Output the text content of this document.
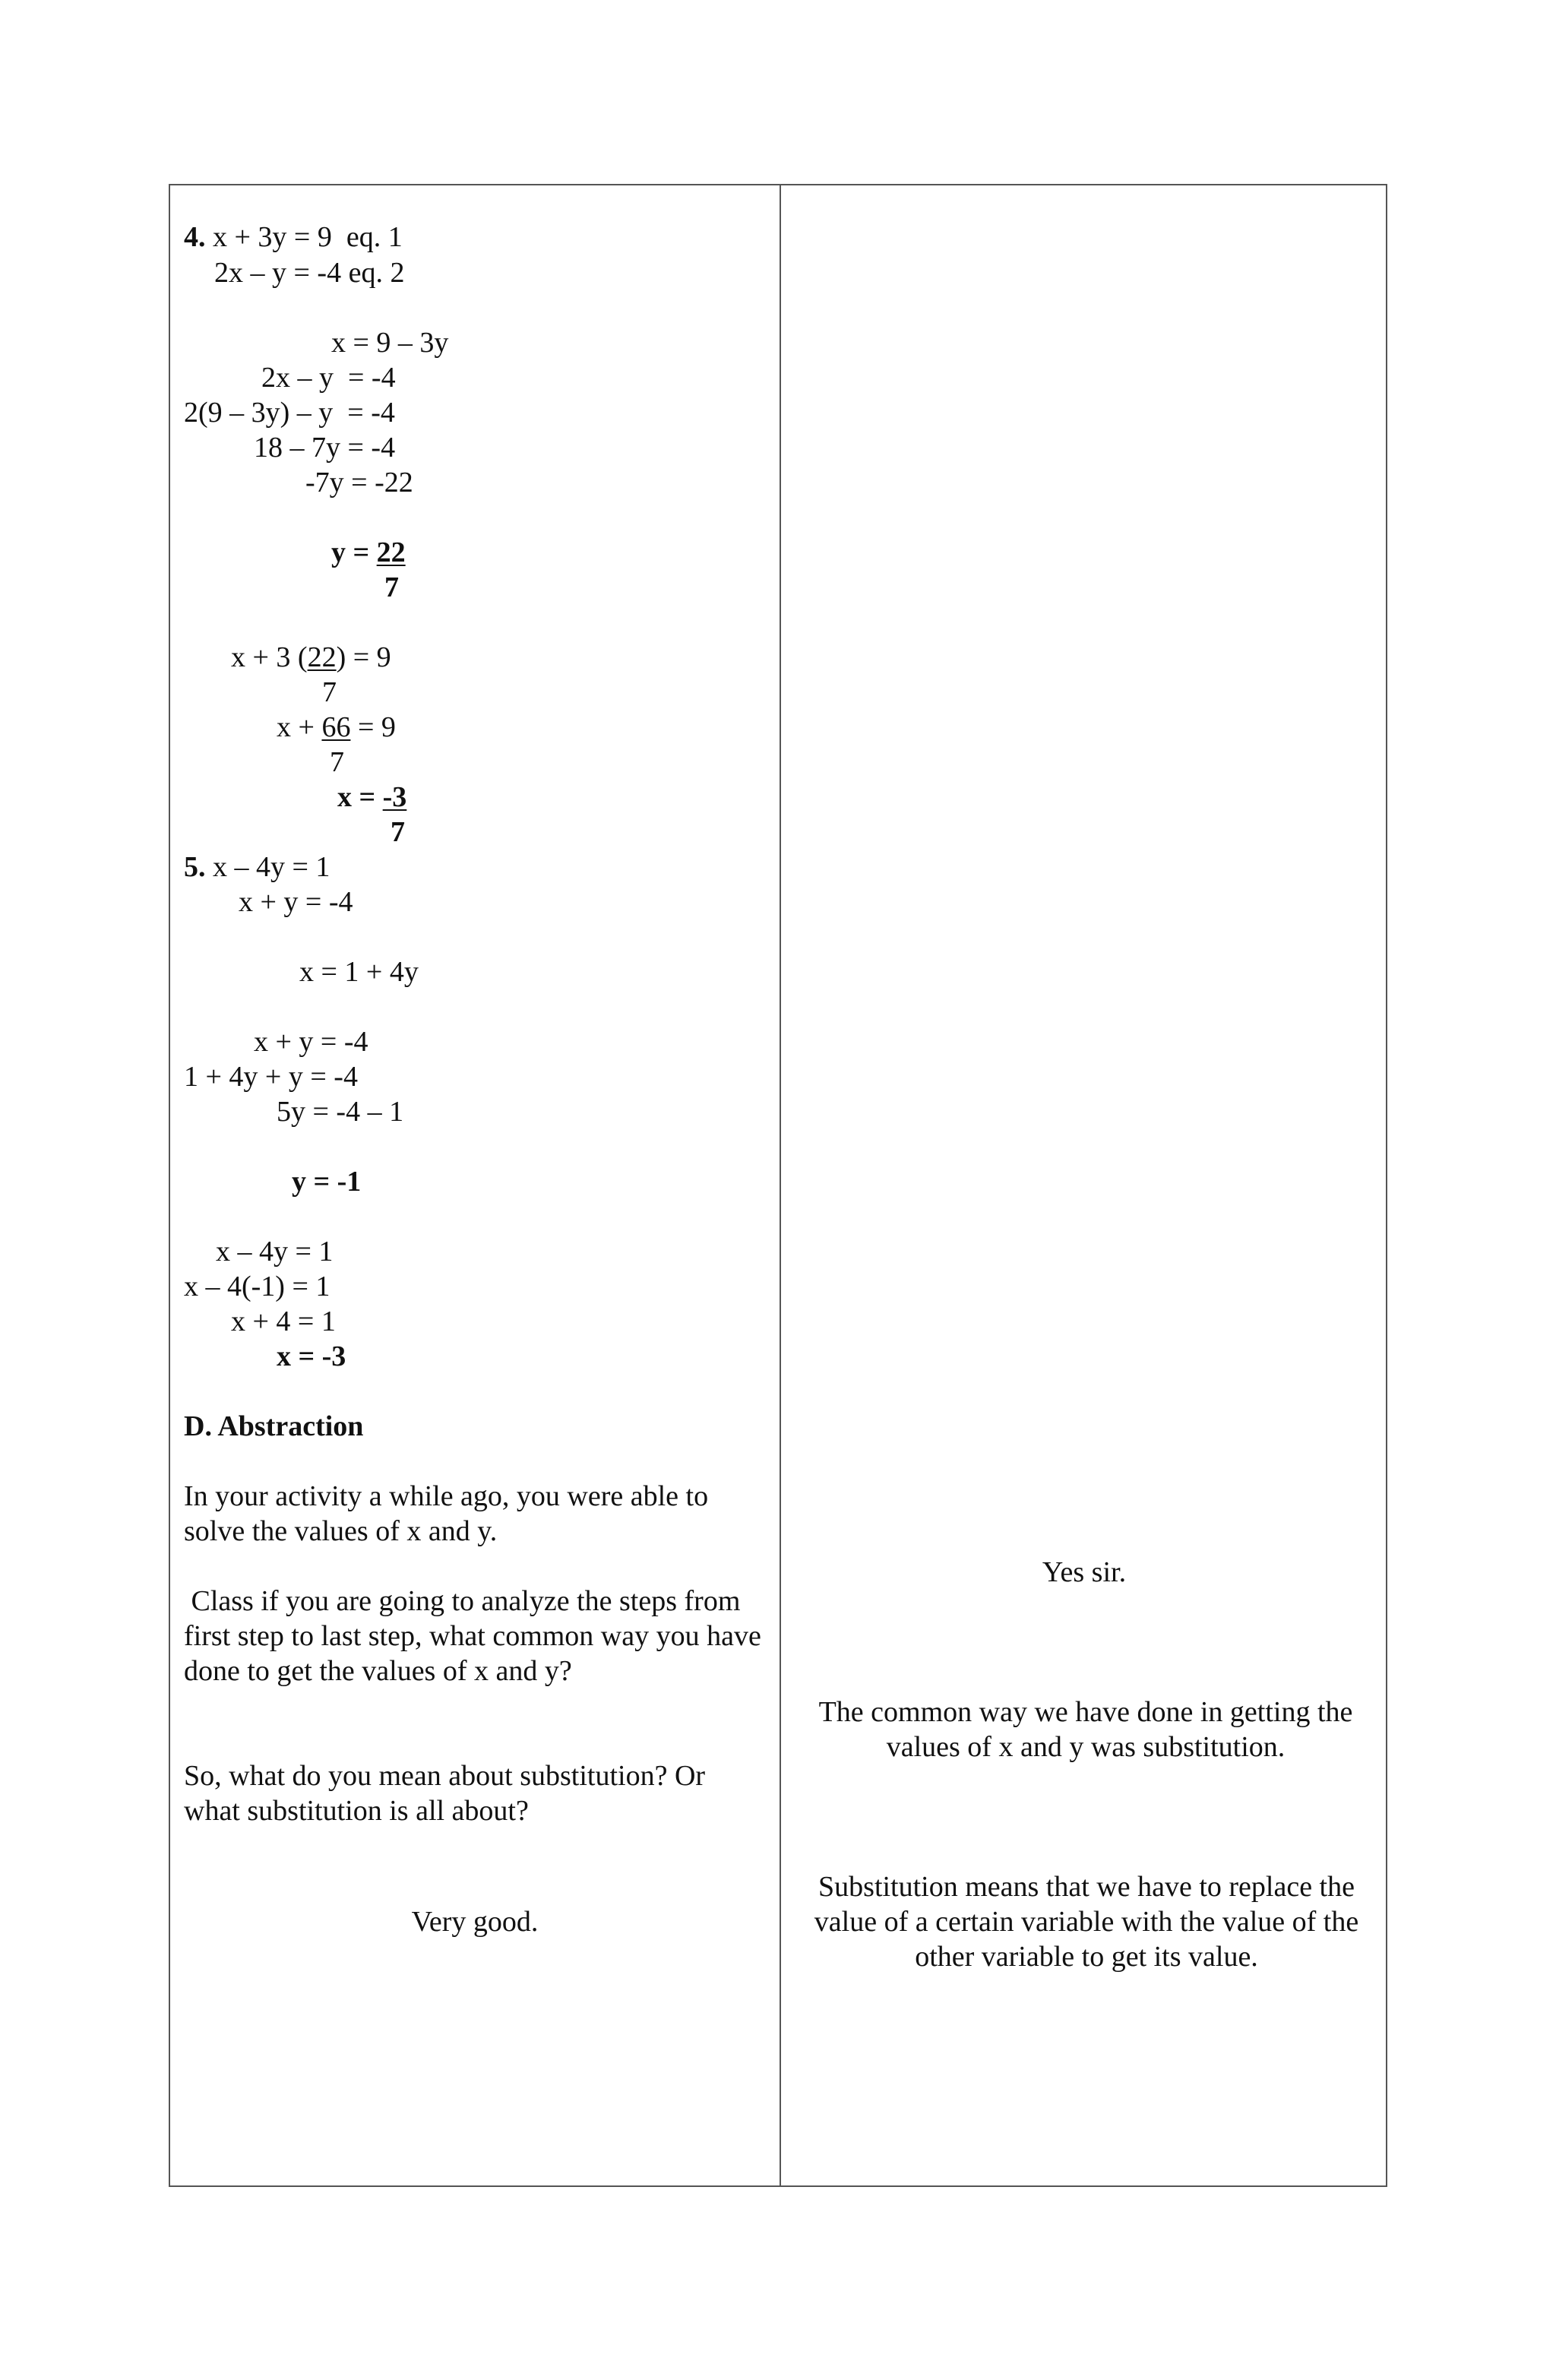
4. x + 3y = 9  eq. 1
2x – y = -4 eq. 2
x = 9 – 3y
2x – y  = -4
2(9 – 3y) – y  = -4
18 – 7y = -4
-7y = -22
y = 22
7
x + 3 (22) = 9
7
x + 66 = 9
7
x = -3
7
5. x – 4y = 1
x + y = -4
x = 1 + 4y
x + y = -4
1 + 4y + y = -4
5y = -4 – 1
y = -1
x – 4y = 1
x – 4(-1) = 1
x + 4 = 1
x = -3
D. Abstraction
In your activity a while ago, you were able to solve the values of x and y.
Class if you are going to analyze the steps from first step to last step, what common way you have done to get the values of x and y?
So, what do you mean about substitution? Or what substitution is all about?
Very good.
Yes sir.
The common way we have done in getting the values of x and y was substitution.
Substitution means that we have to replace the value of a certain variable with the value of the other variable to get its value.
